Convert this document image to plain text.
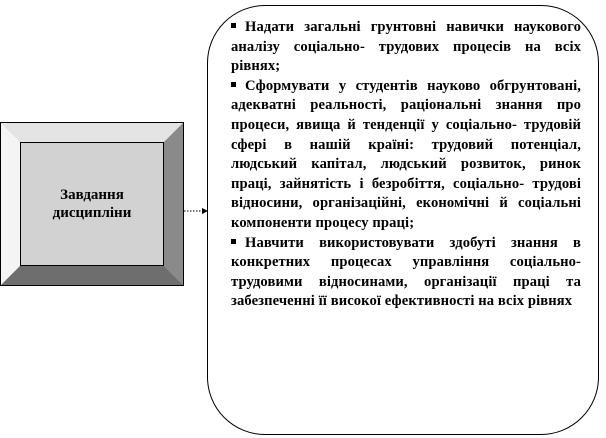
Завдання дисципліни

Надати загальні грунтовні навички наукового аналізу соціально- трудових процесів на всіх рівнях;

Сформувати у студентів науково обгрунтовані, адекватні реальності, раціональні знання про процеси, явища й тенденції у соціально- трудовій сфері в нашій країні: трудовий потенціал, людський капітал, людський розвиток, ринок праці, зайнятість і безробіття, соціально- трудові відносини, організаційні, економічні й соціальні компоненти процесу праці;

Навчити використовувати здобуті знання в конкретних процесах управління соціально- трудовими відносинами, організації праці та забезпеченні її високої ефективності на всіх рівнях
